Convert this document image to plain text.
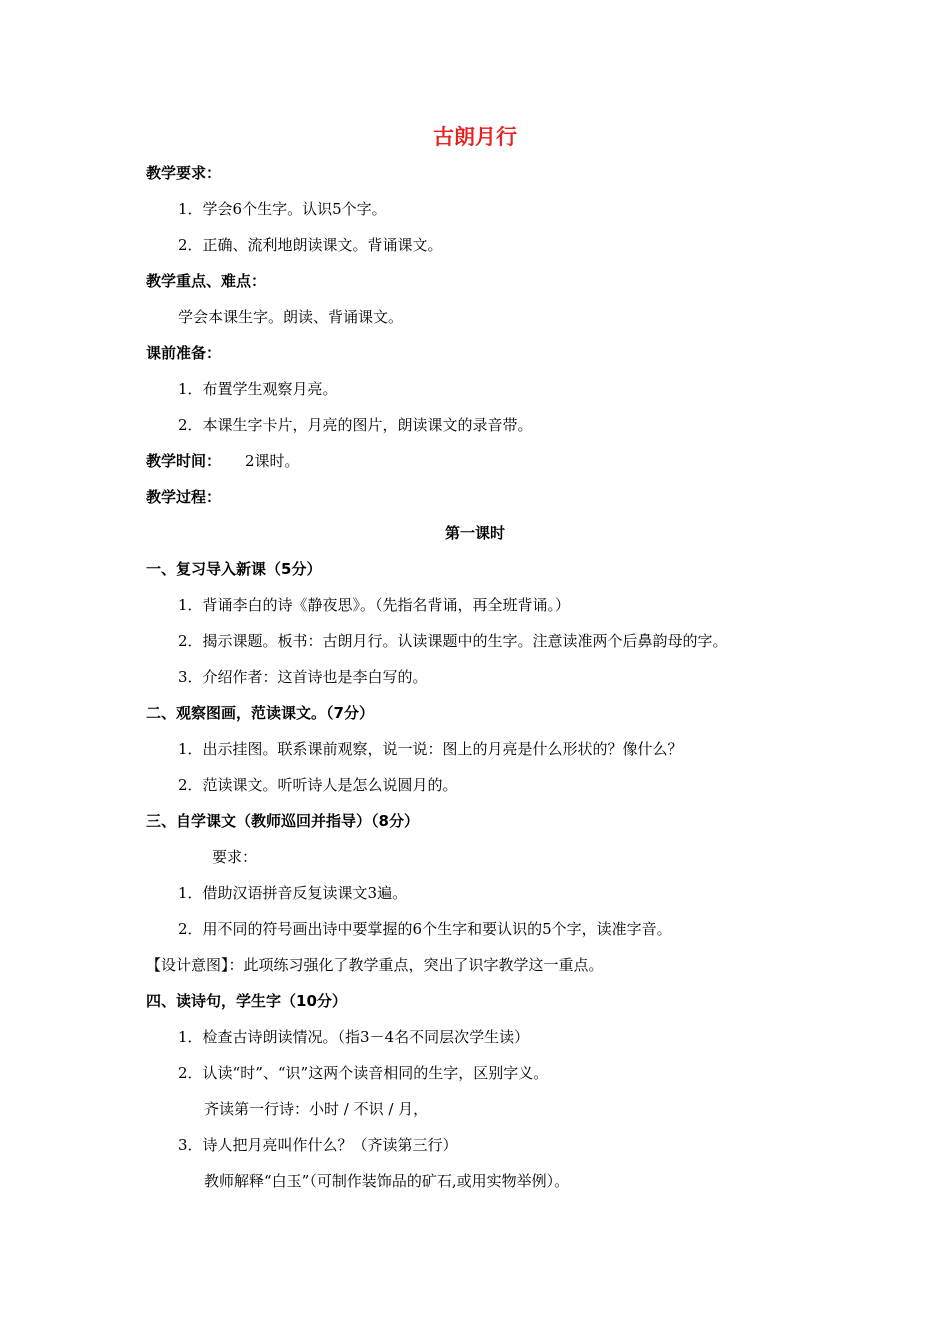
古朗月行
教学要求：
1．学会6个生字。认识5个字。
2．正确、流利地朗读课文。背诵课文。
教学重点、难点：
学会本课生字。朗读、背诵课文。
课前准备：
1．布置学生观察月亮。
2．本课生字卡片，月亮的图片，朗读课文的录音带。
教学时间： 2课时。
教学过程：
第一课时
一、复习导入新课（5分）
1．背诵李白的诗《静夜思》。（先指名背诵，再全班背诵。）
2．揭示课题。板书：古朗月行。认读课题中的生字。注意读准两个后鼻韵母的字。
3．介绍作者：这首诗也是李白写的。
二、观察图画，范读课文。（7分）
1．出示挂图。联系课前观察，说一说：图上的月亮是什么形状的？像什么？
2．范读课文。听听诗人是怎么说圆月的。
三、自学课文（教师巡回并指导）（8分）
要求：
1．借助汉语拼音反复读课文3遍。
2．用不同的符号画出诗中要掌握的6个生字和要认识的5个字，读准字音。
【设计意图】：此项练习强化了教学重点，突出了识字教学这一重点。
四、读诗句，学生字（10分）
1．检查古诗朗读情况。（指3－4名不同层次学生读）
2．认读“时”、“识”这两个读音相同的生字，区别字义。
齐读第一行诗：小时 / 不识 / 月，
3．诗人把月亮叫作什么？（齐读第三行）
教师解释“白玉”（可制作装饰品的矿石,或用实物举例）。
